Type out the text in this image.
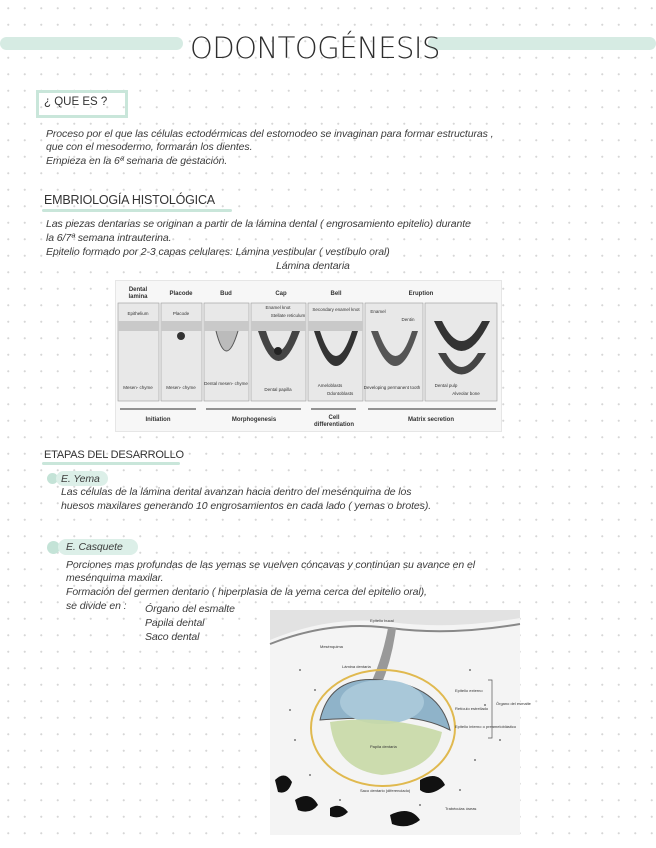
ODONTOGÉNESIS
¿ QUE ES ?
Proceso por el que las células ectodérmicas del estomodeo se invaginan para formar estructuras ,
que con el mesodermo, formarán los dientes.
Empieza en la 6ª semana de gestación.
EMBRIOLOGÍA HISTOLÓGICA
Las piezas dentarias se originan a partir de la lámina dental ( engrosamiento epitelio) durante
la 6/7ª semana intrauterina.
Epitelio formado por 2-3 capas celulares: Lámina vestibular ( vestíbulo oral)
Lámina dentaria
Dental
lamina	Placode	Bud	Cap	Bell	Eruption
Epithelium	Placode
Enamel knot
Stellate reticulum
Secondary enamel knot Enamel
Dentin
Mesen- chyme	Mesen- chyme
Dental mesen- chyme
Dental papilla
Ameloblasts
Odontoblasts
Developing permanent tooth	Dental pulp
Alveolar bone
Initiation	Morphogenesis	Cell
differentiation
Matrix secretion
ETAPAS DEL DESARROLLO
E. Yema
Las células de la lámina dental avanzan hacia dentro del mesénquima de los
huesos maxilares generando 10 engrosamientos en cada lado ( yemas o brotes).
E. Casquete
Porciones mas profundas de las yemas se vuelven cóncavas y continúan su avance en el
mesénquima maxilar.
Formación del germen dentario ( hiperplasia de la yema cerca del epitelio oral),
se divide en : Órgano del esmalte
Papila dental
Saco dental
Epitelio bucal
Mesénquima
Lámina dentaria
Epitelio externo
Retículo estrellado
Epitelio interno o preameloblástico
Papila dentaria
Saco dentario (diferenciado)
Trabéculas óseas
Órgano del esmalte
